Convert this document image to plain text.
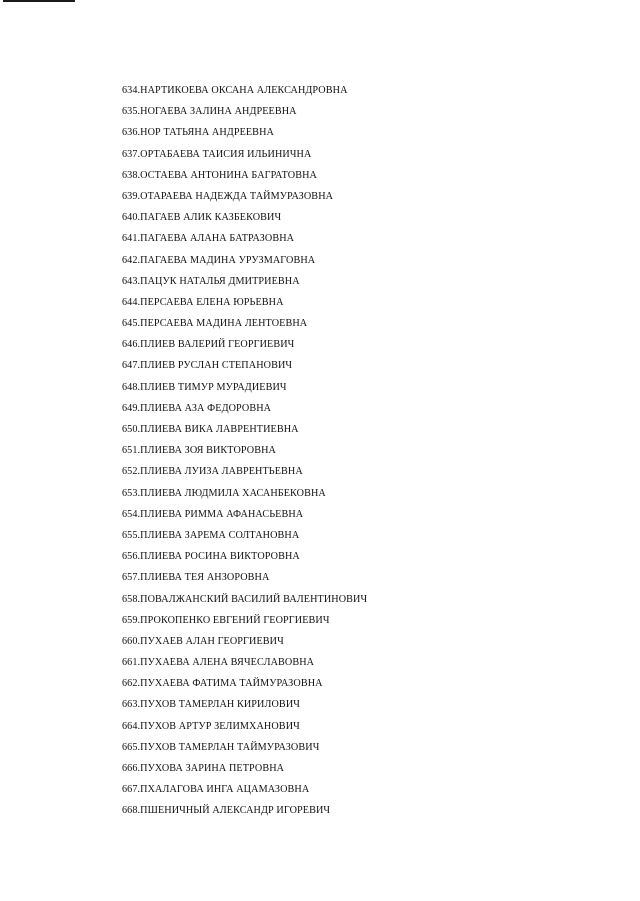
634.НАРТИКОЕВА ОКСАНА АЛЕКСАНДРОВНА
635.НОГАЕВА ЗАЛИНА АНДРЕЕВНА
636.НОР ТАТЬЯНА АНДРЕЕВНА
637.ОРТАБАЕВА ТАИСИЯ ИЛЬИНИЧНА
638.ОСТАЕВА АНТОНИНА БАГРАТОВНА
639.ОТАРАЕВА НАДЕЖДА ТАЙМУРАЗОВНА
640.ПАГАЕВ АЛИК КАЗБЕКОВИЧ
641.ПАГАЕВА АЛАНА БАТРАЗОВНА
642.ПАГАЕВА МАДИНА УРУЗМАГОВНА
643.ПАЦУК НАТАЛЬЯ ДМИТРИЕВНА
644.ПЕРСАЕВА ЕЛЕНА ЮРЬЕВНА
645.ПЕРСАЕВА МАДИНА ЛЕНТОЕВНА
646.ПЛИЕВ ВАЛЕРИЙ ГЕОРГИЕВИЧ
647.ПЛИЕВ РУСЛАН СТЕПАНОВИЧ
648.ПЛИЕВ ТИМУР МУРАДИЕВИЧ
649.ПЛИЕВА АЗА ФЕДОРОВНА
650.ПЛИЕВА ВИКА ЛАВРЕНТИЕВНА
651.ПЛИЕВА ЗОЯ ВИКТОРОВНА
652.ПЛИЕВА ЛУИЗА ЛАВРЕНТЬЕВНА
653.ПЛИЕВА ЛЮДМИЛА ХАСАНБЕКОВНА
654.ПЛИЕВА РИММА АФАНАСЬЕВНА
655.ПЛИЕВА ЗАРЕМА СОЛТАНОВНА
656.ПЛИЕВА РОСИНА ВИКТОРОВНА
657.ПЛИЕВА ТЕЯ АНЗОРОВНА
658.ПОВАЛЖАНСКИЙ ВАСИЛИЙ ВАЛЕНТИНОВИЧ
659.ПРОКОПЕНКО ЕВГЕНИЙ ГЕОРГИЕВИЧ
660.ПУХАЕВ АЛАН ГЕОРГИЕВИЧ
661.ПУХАЕВА АЛЕНА ВЯЧЕСЛАВОВНА
662.ПУХАЕВА ФАТИМА ТАЙМУРАЗОВНА
663.ПУХОВ ТАМЕРЛАН КИРИЛОВИЧ
664.ПУХОВ АРТУР ЗЕЛИМХАНОВИЧ
665.ПУХОВ ТАМЕРЛАН ТАЙМУРАЗОВИЧ
666.ПУХОВА ЗАРИНА ПЕТРОВНА
667.ПХАЛАГОВА ИНГА АЦАМАЗОВНА
668.ПШЕНИЧНЫЙ АЛЕКСАНДР ИГОРЕВИЧ
